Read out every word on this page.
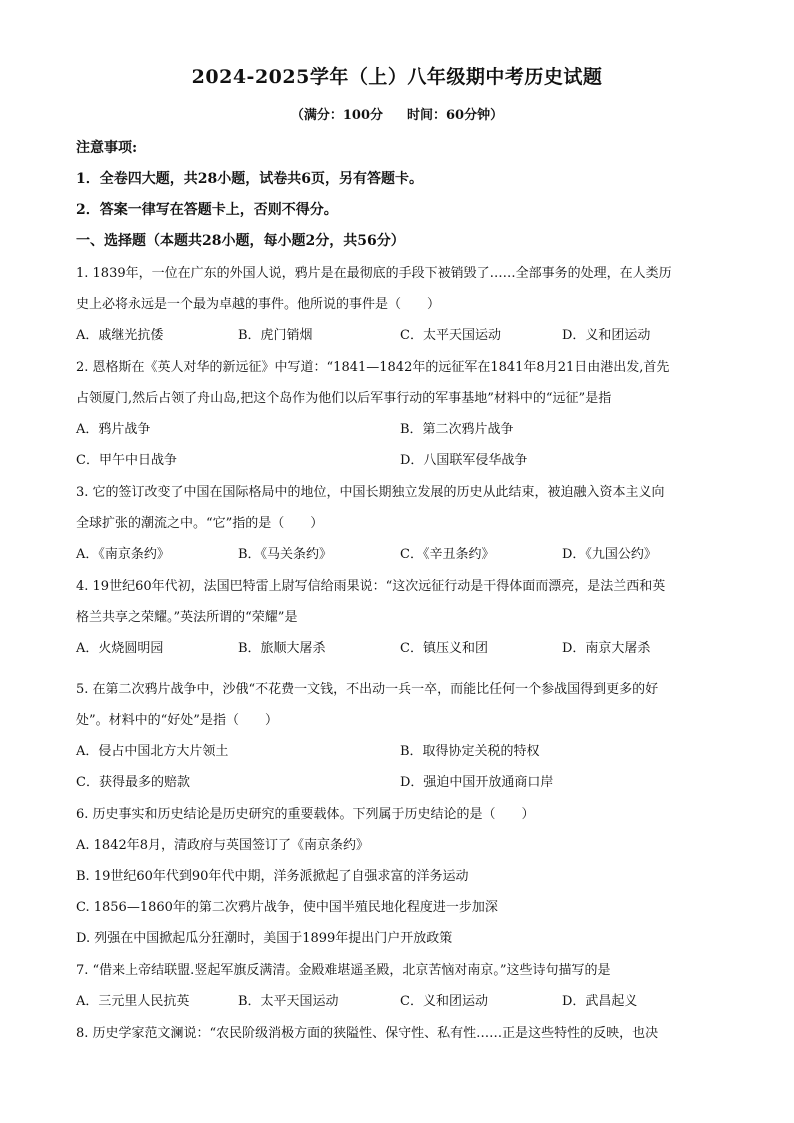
2024-2025学年（上）八年级期中考历史试题
（满分：100分 时间：60分钟）
注意事项:
1．全卷四大题，共28小题，试卷共6页，另有答题卡。
2．答案一律写在答题卡上，否则不得分。
一、选择题（本题共28小题，每小题2分，共56分）
1. 1839年，一位在广东的外国人说，鸦片是在最彻底的手段下被销毁了……全部事务的处理，在人类历
史上必将永远是一个最为卓越的事件。他所说的事件是（　　）
A．戚继光抗倭	B．虎门销烟	C．太平天国运动	D．义和团运动
2. 恩格斯在《英人对华的新远征》中写道：“1841—1842年的远征军在1841年8月21日由港出发,首先
占领厦门,然后占领了舟山岛,把这个岛作为他们以后军事行动的军事基地”材料中的“远征”是指
A．鸦片战争	B．第二次鸦片战争
C．甲午中日战争	D．八国联军侵华战争
3. 它的签订改变了中国在国际格局中的地位，中国长期独立发展的历史从此结束，被迫融入资本主义向
全球扩张的潮流之中。“它”指的是（　　）
A．《南京条约》	B．《马关条约》	C．《辛丑条约》	D．《九国公约》
4. 19世纪60年代初，法国巴特雷上尉写信给雨果说：“这次远征行动是干得体面而漂亮，是法兰西和英
格兰共享之荣耀。”英法所谓的“荣耀”是
A．火烧圆明园	B．旅顺大屠杀	C．镇压义和团	D．南京大屠杀
5. 在第二次鸦片战争中，沙俄“不花费一文钱，不出动一兵一卒，而能比任何一个参战国得到更多的好
处”。材料中的“好处”是指（　　）
A．侵占中国北方大片领土	B．取得协定关税的特权
C．获得最多的赔款	D．强迫中国开放通商口岸
6. 历史事实和历史结论是历史研究的重要载体。下列属于历史结论的是（　　）
A. 1842年8月，清政府与英国签订了《南京条约》
B. 19世纪60年代到90年代中期，洋务派掀起了自强求富的洋务运动
C. 1856—1860年的第二次鸦片战争，使中国半殖民地化程度进一步加深
D. 列强在中国掀起瓜分狂潮时，美国于1899年提出门户开放政策
7. “借来上帝结联盟.竖起军旗反满清。金殿难堪遥圣殿，北京苦恼对南京。”这些诗句描写的是
A．三元里人民抗英	B．太平天国运动	C．义和团运动	D．武昌起义
8. 历史学家范文澜说：“农民阶级消极方面的狭隘性、保守性、私有性……正是这些特性的反映，也决
